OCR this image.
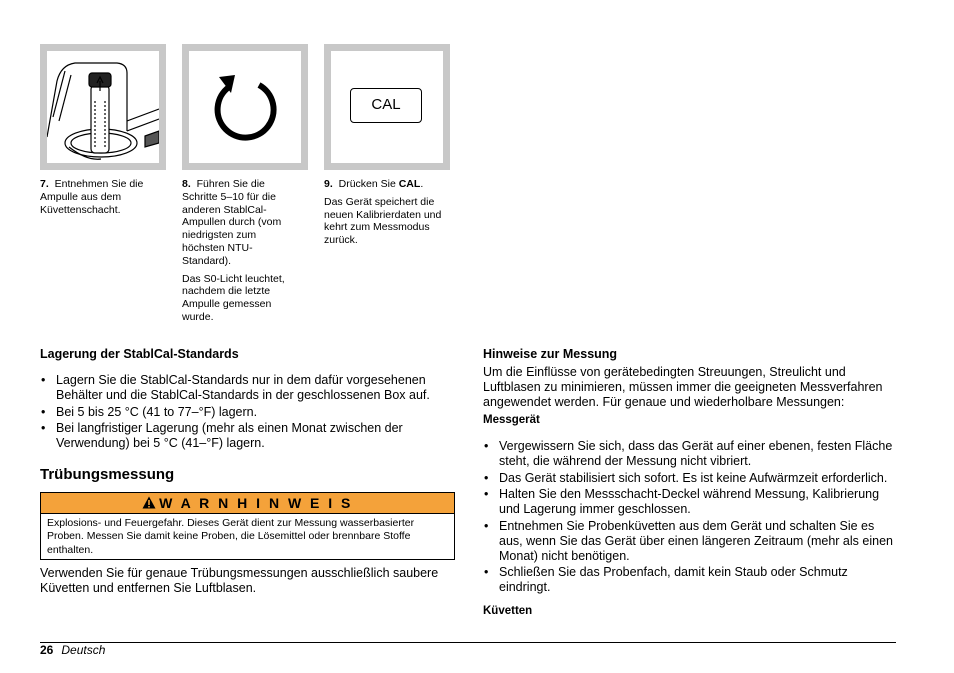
CAL

7. Entnehmen Sie die Ampulle aus dem Küvettenschacht.

8. Führen Sie die Schritte 5–10 für die anderen StablCal-Ampullen durch (vom niedrigsten zum höchsten NTU-Standard).

Das S0-Licht leuchtet, nachdem die letzte Ampulle gemessen wurde.

9. Drücken Sie CAL.

Das Gerät speichert die neuen Kalibrierdaten und kehrt zum Messmodus zurück.

Lagerung der StablCal-Standards
• Lagern Sie die StablCal-Standards nur in dem dafür vorgesehenen Behälter und die StablCal-Standards in der geschlossenen Box auf.
• Bei 5 bis 25 °C (41 to 77–°F) lagern.
• Bei langfristiger Lagerung (mehr als einen Monat zwischen der Verwendung) bei 5 °C (41–°F) lagern.
Trübungsmessung
W A R N H I N W E I S
Explosions- und Feuergefahr. Dieses Gerät dient zur Messung wasserbasierter Proben. Messen Sie damit keine Proben, die Lösemittel oder brennbare Stoffe enthalten.
Verwenden Sie für genaue Trübungsmessungen ausschließlich saubere Küvetten und entfernen Sie Luftblasen.
Hinweise zur Messung
Um die Einflüsse von gerätebedingten Streuungen, Streulicht und Luftblasen zu minimieren, müssen immer die geeigneten Messverfahren angewendet werden. Für genaue und wiederholbare Messungen:
Messgerät
• Vergewissern Sie sich, dass das Gerät auf einer ebenen, festen Fläche steht, die während der Messung nicht vibriert.
• Das Gerät stabilisiert sich sofort. Es ist keine Aufwärmzeit erforderlich.
• Halten Sie den Messschacht-Deckel während Messung, Kalibrierung und Lagerung immer geschlossen.
• Entnehmen Sie Probenküvetten aus dem Gerät und schalten Sie es aus, wenn Sie das Gerät über einen längeren Zeitraum (mehr als einen Monat) nicht benötigen.
• Schließen Sie das Probenfach, damit kein Staub oder Schmutz eindringt.
Küvetten
26 Deutsch
